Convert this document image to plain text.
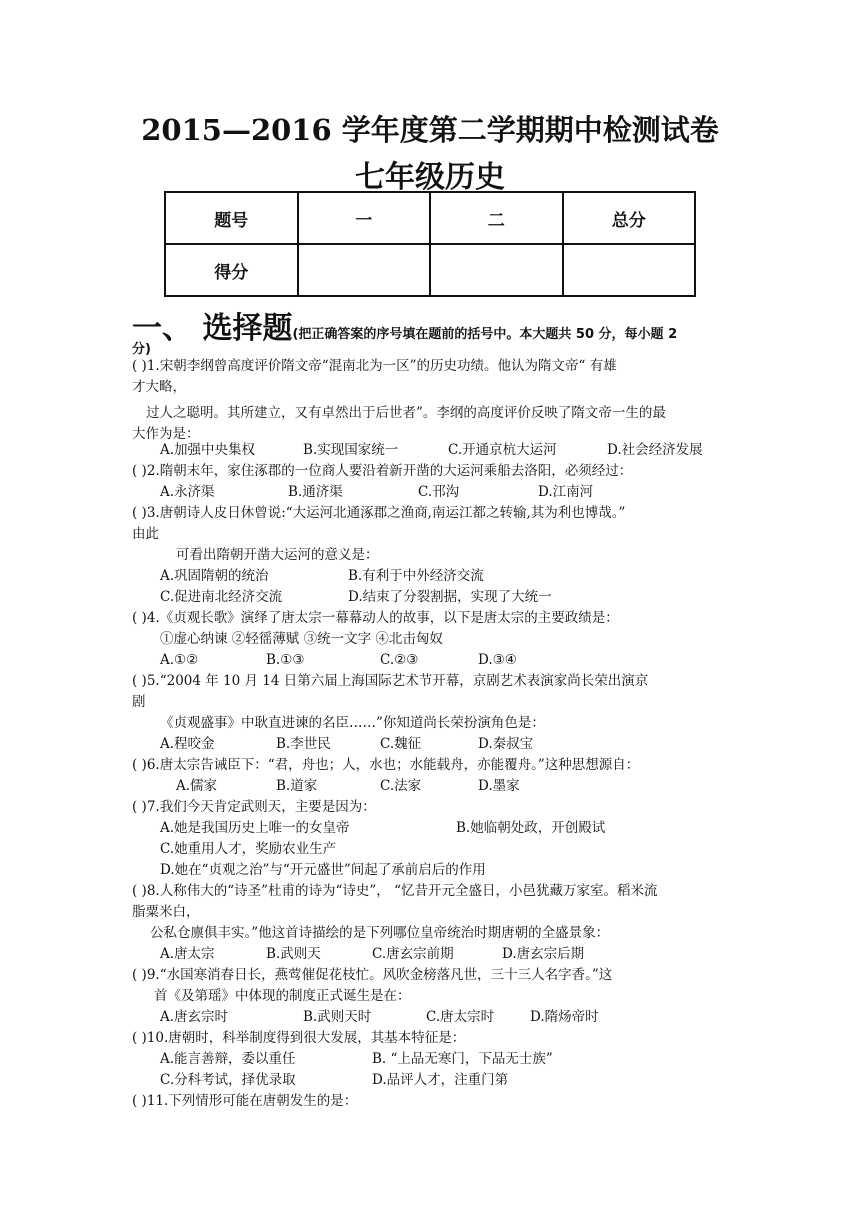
2015—2016 学年度第二学期期中检测试卷
七年级历史
题号	一	二	总分
得分			
一、 选择题(把正确答案的序号填在题前的括号中。本大题共 50 分，每小题 2
分)
( )1.宋朝李纲曾高度评价隋文帝“混南北为一区”的历史功绩。他认为隋文帝“ 有雄
才大略，
过人之聪明。其所建立，又有卓然出于后世者”。李纲的高度评价反映了隋文帝一生的最
大作为是：
A.加强中央集权	B.实现国家统一	C.开通京杭大运河	D.社会经济发展
( )2.隋朝末年，家住涿郡的一位商人要沿着新开凿的大运河乘船去洛阳，必须经过：
A.永济渠	B.通济渠	C.邗沟	D.江南河
( )3.唐朝诗人皮日休曾说:“大运河北通涿郡之渔商,南运江都之转输,其为利也博哉。”
由此
可看出隋朝开凿大运河的意义是：
A.巩固隋朝的统治	B.有利于中外经济交流
C.促进南北经济交流	D.结束了分裂割据，实现了大统一
( )4.《贞观长歌》演绎了唐太宗一幕幕动人的故事，以下是唐太宗的主要政绩是：
①虚心纳谏 ②轻徭薄赋 ③统一文字 ④北击匈奴
A.①②	B.①③	C.②③	D.③④
( )5.“2004 年 10 月 14 日第六届上海国际艺术节开幕，京剧艺术表演家尚长荣出演京
剧
《贞观盛事》中耿直进谏的名臣……”你知道尚长荣扮演角色是：
A.程咬金	B.李世民	C.魏征	D.秦叔宝
( )6.唐太宗告诫臣下：“君，舟也；人，水也；水能载舟，亦能覆舟。”这种思想源自：
A.儒家	B.道家	C.法家	D.墨家
( )7.我们今天肯定武则天，主要是因为：
A.她是我国历史上唯一的女皇帝	B.她临朝处政，开创殿试
C.她重用人才，奖励农业生产
D.她在“贞观之治”与“开元盛世”间起了承前启后的作用
( )8.人称伟大的“诗圣”杜甫的诗为“诗史”， “忆昔开元全盛日，小邑犹藏万家室。稻米流
脂粟米白，
公私仓廪俱丰实。”他这首诗描绘的是下列哪位皇帝统治时期唐朝的全盛景象：
A.唐太宗	B.武则天	C.唐玄宗前期	D.唐玄宗后期
( )9.“水国寒消春日长，燕莺催促花枝忙。风吹金榜落凡世，三十三人名字香。”这
首《及第瑶》中体现的制度正式诞生是在：
A.唐玄宗时	B.武则天时	C.唐太宗时	D.隋炀帝时
( )10.唐朝时，科举制度得到很大发展，其基本特征是：
A.能言善辩，委以重任	B. “上品无寒门，下品无士族”
C.分科考试，择优录取	D.品评人才，注重门第
( )11.下列情形可能在唐朝发生的是：
